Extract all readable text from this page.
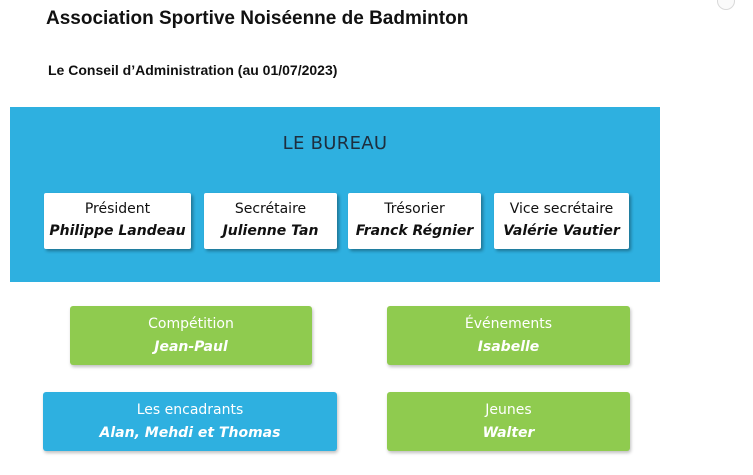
Association Sportive Noiséenne de Badminton
Le Conseil d’Administration (au 01/07/2023)
LE BUREAU
Président
Philippe Landeau
Secrétaire
Julienne Tan
Trésorier
Franck Régnier
Vice secrétaire
Valérie Vautier
Compétition
Jean-Paul
Événements
Isabelle
Les encadrants
Alan, Mehdi et Thomas
Jeunes
Walter
